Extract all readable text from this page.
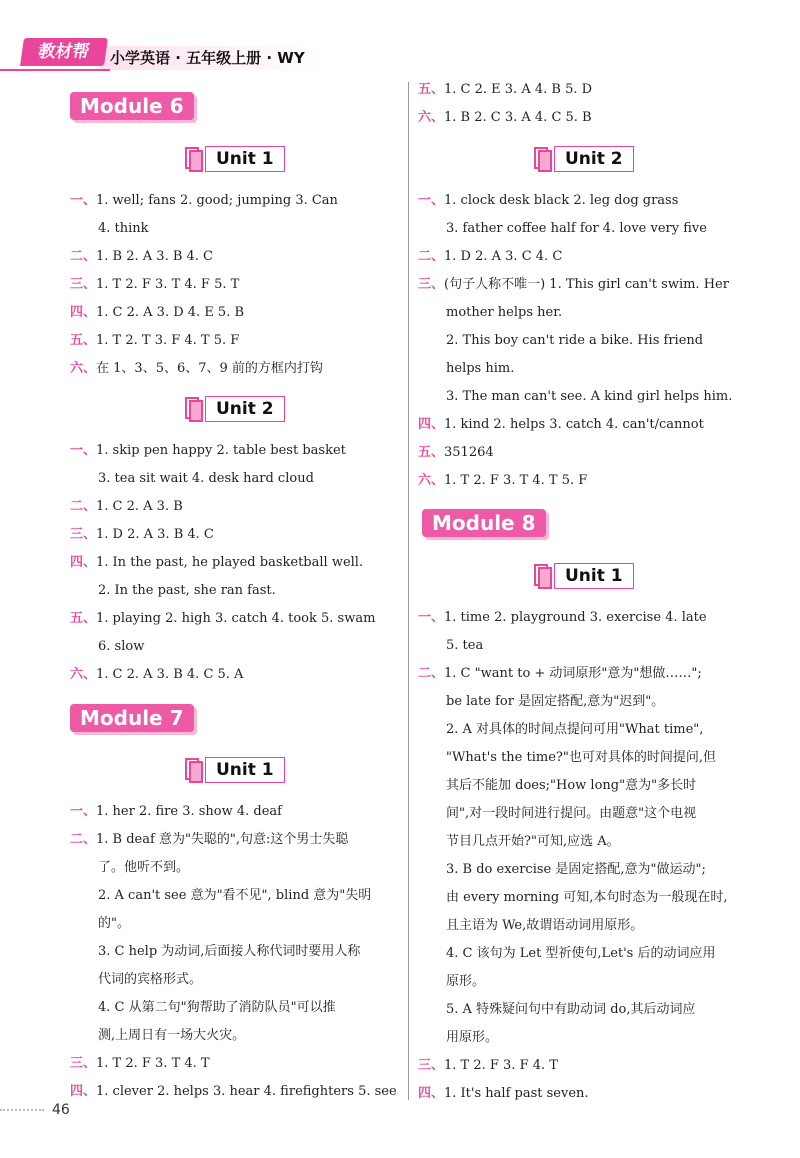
教材帮	小学英语 · 五年级上册 · WY
Module 6
Unit 1
一、1. well; fans 2. good; jumping 3. Can
4. think
二、1. B 2. A 3. B 4. C
三、1. T 2. F 3. T 4. F 5. T
四、1. C 2. A 3. D 4. E 5. B
五、1. T 2. T 3. F 4. T 5. F
六、在 1、3、5、6、7、9 前的方框内打钩
Unit 2
一、1. skip pen happy 2. table best basket
3. tea sit wait 4. desk hard cloud
二、1. C 2. A 3. B
三、1. D 2. A 3. B 4. C
四、1. In the past, he played basketball well.
2. In the past, she ran fast.
五、1. playing 2. high 3. catch 4. took 5. swam
6. slow
六、1. C 2. A 3. B 4. C 5. A
Module 7
Unit 1
一、1. her 2. fire 3. show 4. deaf
二、1. B deaf 意为"失聪的",句意:这个男士失聪
了。他听不到。
2. A can't see 意为"看不见", blind 意为"失明
的"。
3. C help 为动词,后面接人称代词时要用人称
代词的宾格形式。
4. C 从第二句"狗帮助了消防队员"可以推
测,上周日有一场大火灾。
三、1. T 2. F 3. T 4. T
四、1. clever 2. helps 3. hear 4. firefighters 5. see
五、1. C 2. E 3. A 4. B 5. D
六、1. B 2. C 3. A 4. C 5. B
Unit 2
一、1. clock desk black 2. leg dog grass
3. father coffee half for 4. love very five
二、1. D 2. A 3. C 4. C
三、(句子人称不唯一) 1. This girl can't swim. Her
mother helps her.
2. This boy can't ride a bike. His friend
helps him.
3. The man can't see. A kind girl helps him.
四、1. kind 2. helps 3. catch 4. can't/cannot
五、351264
六、1. T 2. F 3. T 4. T 5. F
Module 8
Unit 1
一、1. time 2. playground 3. exercise 4. late
5. tea
二、1. C "want to + 动词原形"意为"想做……";
be late for 是固定搭配,意为"迟到"。
2. A 对具体的时间点提问可用"What time",
"What's the time?"也可对具体的时间提问,但
其后不能加 does;"How long"意为"多长时
间",对一段时间进行提问。由题意"这个电视
节目几点开始?"可知,应选 A。
3. B do exercise 是固定搭配,意为"做运动";
由 every morning 可知,本句时态为一般现在时,
且主语为 We,故谓语动词用原形。
4. C 该句为 Let 型祈使句,Let's 后的动词应用
原形。
5. A 特殊疑问句中有助动词 do,其后动词应
用原形。
三、1. T 2. F 3. F 4. T
四、1. It's half past seven.
46
